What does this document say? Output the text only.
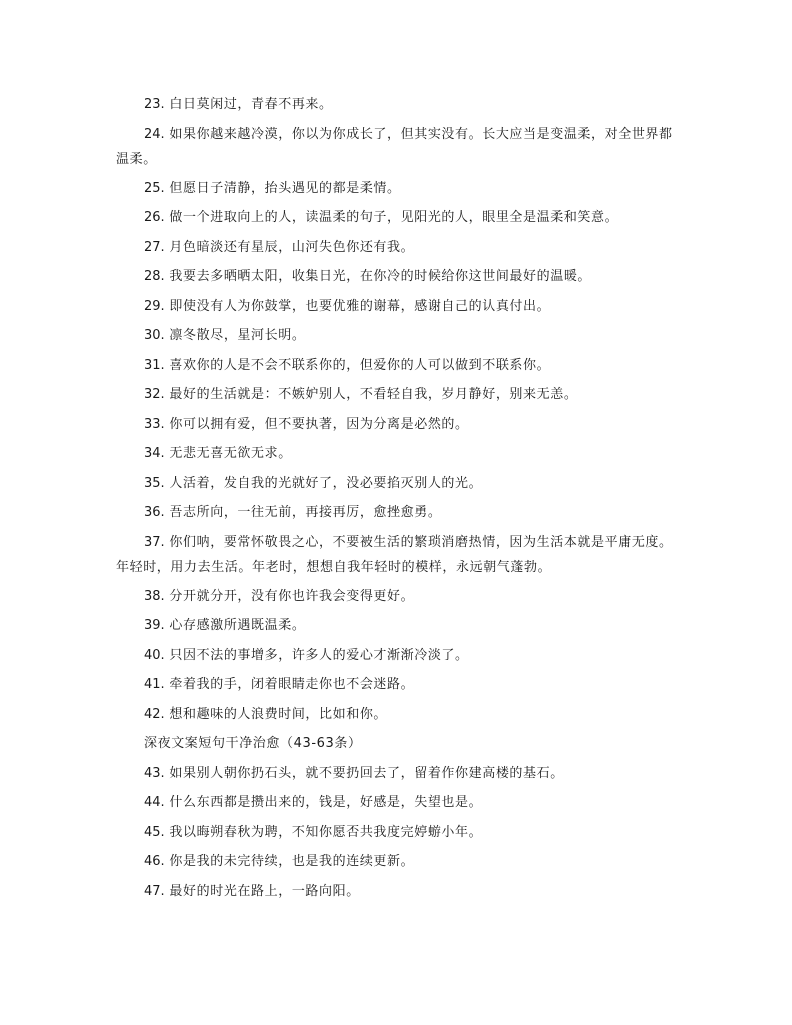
23. 白日莫闲过，青春不再来。

24. 如果你越来越冷漠，你以为你成长了，但其实没有。长大应当是变温柔，对全世界都温柔。

25. 但愿日子清静，抬头遇见的都是柔情。

26. 做一个进取向上的人，读温柔的句子，见阳光的人，眼里全是温柔和笑意。

27. 月色暗淡还有星辰，山河失色你还有我。

28. 我要去多晒晒太阳，收集日光，在你冷的时候给你这世间最好的温暖。

29. 即使没有人为你鼓掌，也要优雅的谢幕，感谢自己的认真付出。

30. 凛冬散尽，星河长明。

31. 喜欢你的人是不会不联系你的，但爱你的人可以做到不联系你。

32. 最好的生活就是：不嫉妒别人，不看轻自我，岁月静好，别来无恙。

33. 你可以拥有爱，但不要执著，因为分离是必然的。

34. 无悲无喜无欲无求。

35. 人活着，发自我的光就好了，没必要掐灭别人的光。

36. 吾志所向，一往无前，再接再厉，愈挫愈勇。

37. 你们呐，要常怀敬畏之心，不要被生活的繁琐消磨热情，因为生活本就是平庸无度。年轻时，用力去生活。年老时，想想自我年轻时的模样，永远朝气蓬勃。

38. 分开就分开，没有你也许我会变得更好。

39. 心存感激所遇既温柔。

40. 只因不法的事增多，许多人的爱心才渐渐冷淡了。

41. 牵着我的手，闭着眼睛走你也不会迷路。

42. 想和趣味的人浪费时间，比如和你。

深夜文案短句干净治愈（43-63条）

43. 如果别人朝你扔石头，就不要扔回去了，留着作你建高楼的基石。

44. 什么东西都是攒出来的，钱是，好感是，失望也是。

45. 我以晦朔春秋为聘，不知你愿否共我度完婷蝣小年。

46. 你是我的未完待续，也是我的连续更新。

47. 最好的时光在路上，一路向阳。
